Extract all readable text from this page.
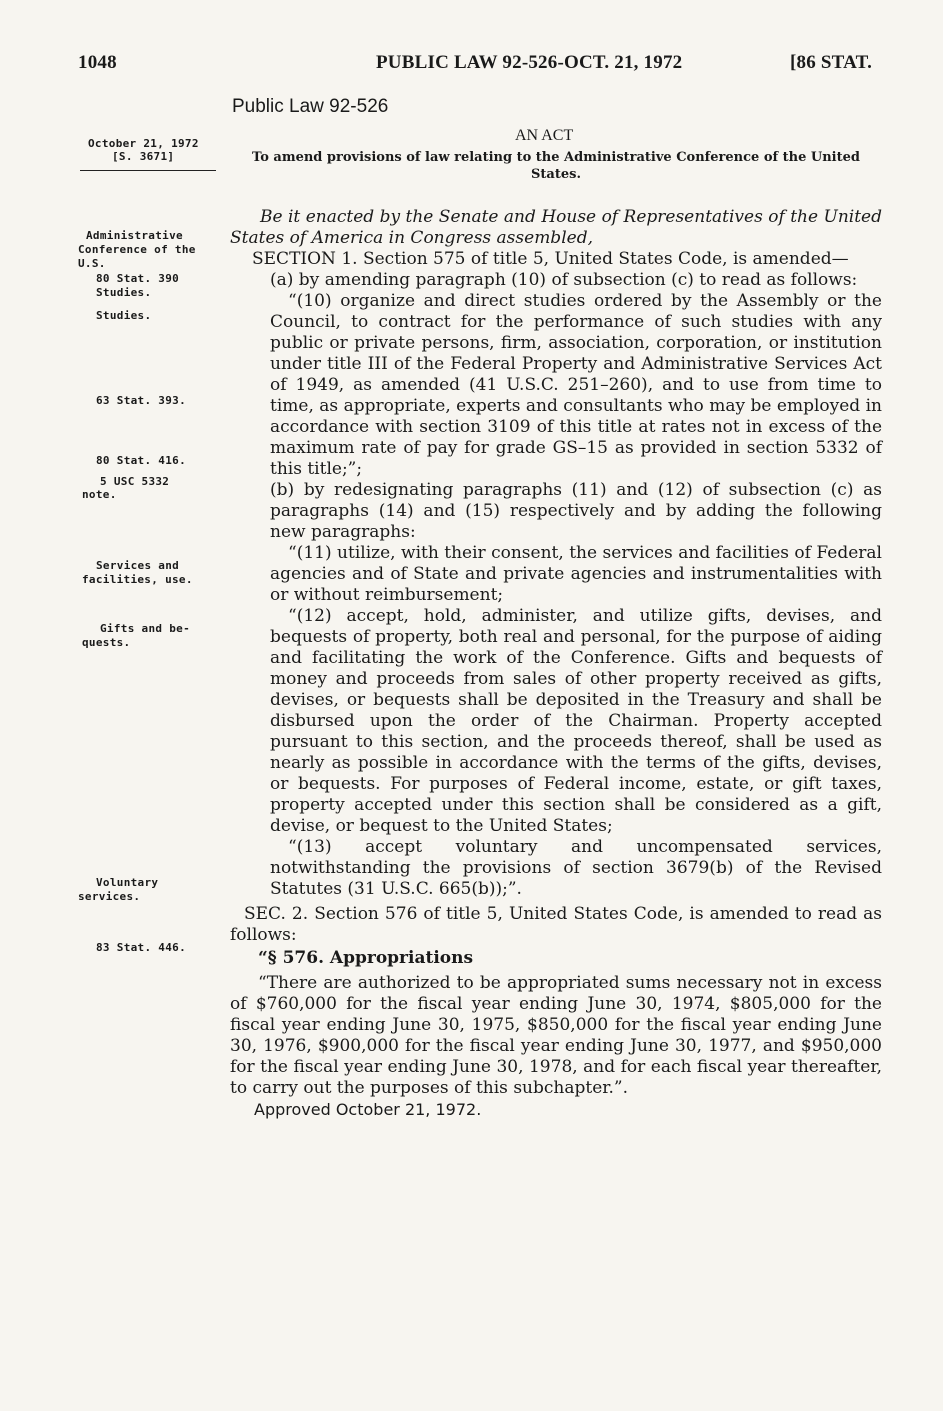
1048	PUBLIC LAW 92-526-OCT. 21, 1972	[86 STAT.
Public Law 92-526
October 21, 1972
[S. 3671]
AN ACT
To amend provisions of law relating to the Administrative Conference of the United States.
Administrative
Conference of the
U.S.
80 Stat. 390
Studies.
Studies.
63 Stat. 393.
80 Stat. 416.
5 USC 5332
note.
Services and
facilities, use.
Gifts and be-
quests.
Voluntary
services.
83 Stat. 446.

Be it enacted by the Senate and House of Representatives of the United States of America in Congress assembled,

SECTION 1. Section 575 of title 5, United States Code, is amended—

(a) by amending paragraph (10) of subsection (c) to read as follows:

“(10) organize and direct studies ordered by the Assembly or the Council, to contract for the performance of such studies with any public or private persons, firm, association, corporation, or institution under title III of the Federal Property and Administrative Services Act of 1949, as amended (41 U.S.C. 251–260), and to use from time to time, as appropriate, experts and consultants who may be employed in accordance with section 3109 of this title at rates not in excess of the maximum rate of pay for grade GS–15 as provided in section 5332 of this title;”;

(b) by redesignating paragraphs (11) and (12) of subsection (c) as paragraphs (14) and (15) respectively and by adding the following new paragraphs:

“(11) utilize, with their consent, the services and facilities of Federal agencies and of State and private agencies and instrumentalities with or without reimbursement;

“(12) accept, hold, administer, and utilize gifts, devises, and bequests of property, both real and personal, for the purpose of aiding and facilitating the work of the Conference. Gifts and bequests of money and proceeds from sales of other property received as gifts, devises, or bequests shall be deposited in the Treasury and shall be disbursed upon the order of the Chairman. Property accepted pursuant to this section, and the proceeds thereof, shall be used as nearly as possible in accordance with the terms of the gifts, devises, or bequests. For purposes of Federal income, estate, or gift taxes, property accepted under this section shall be considered as a gift, devise, or bequest to the United States;

“(13) accept voluntary and uncompensated services, notwithstanding the provisions of section 3679(b) of the Revised Statutes (31 U.S.C. 665(b));”.

SEC. 2. Section 576 of title 5, United States Code, is amended to read as follows:

“§ 576. Appropriations

“There are authorized to be appropriated sums necessary not in excess of $760,000 for the fiscal year ending June 30, 1974, $805,000 for the fiscal year ending June 30, 1975, $850,000 for the fiscal year ending June 30, 1976, $900,000 for the fiscal year ending June 30, 1977, and $950,000 for the fiscal year ending June 30, 1978, and for each fiscal year thereafter, to carry out the purposes of this subchapter.”.

Approved October 21, 1972.
